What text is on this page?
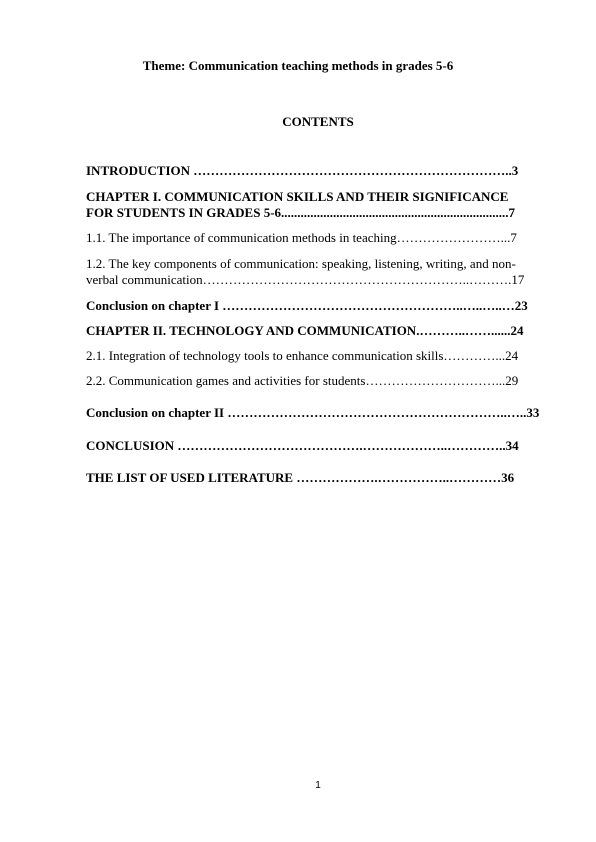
Theme: Communication teaching methods in grades 5-6
CONTENTS
INTRODUCTION ………………………………………………………………..3
CHAPTER I. COMMUNICATION SKILLS AND THEIR SIGNIFICANCE
FOR STUDENTS IN GRADES 5-6......................................................................7
1.1. The importance of communication methods in teaching……………………...7
1.2. The key components of communication: speaking, listening, writing, and non-
verbal communication……………………………………………………..……….17
Conclusion on chapter I ………………………………………………..…..…..…23
CHAPTER II. TECHNOLOGY AND COMMUNICATION.………..……......24
2.1. Integration of technology tools to enhance communication skills…………...24
2.2. Communication games and activities for students…………………………...29
Conclusion on chapter II ………………………………………………………..…..33
CONCLUSION …………………………………….………………..…………..34
THE LIST OF USED LITERATURE ……………….……………..…………36
1
